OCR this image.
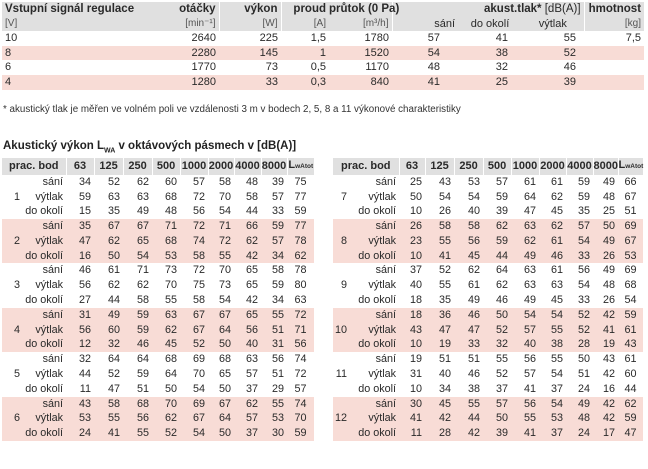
Vstupní signál regulace	otáčky	výkon	proud	průtok (0 Pa)	akust.tlak* [dB(A)]			hmotnost
[V]	[min⁻¹]	[W]	[A]	[m³/h]	sání	do okolí	výtlak	[kg]
10	2640	225	1,5	1780	57	41	55	7,5
8	2280	145	1	1520	54	38	52	
6	1770	73	0,5	1170	48	32	46	
4	1280	33	0,3	840	41	25	39	
* akustický tlak je měřen ve volném poli ve vzdálenosti 3 m v bodech 2, 5, 8 a 11 výkonové charakteristiky
Akustický výkon $L_{WA}$ v oktávových pásmech v [dB(A)]
prac. bod		63	125	250	500	1000	2000	4000	8000	LwAtot
	sání	34	52	62	60	57	58	48	39	75
1	výtlak	59	63	63	68	72	70	58	57	77
	do okolí	15	35	49	48	56	54	44	33	59
	sání	35	67	67	71	72	71	66	59	77
2	výtlak	47	62	65	68	74	72	62	57	78
	do okolí	16	50	54	53	58	55	42	34	62
	sání	46	61	71	73	72	70	65	58	78
3	výtlak	56	62	62	70	75	73	65	59	80
	do okolí	27	44	58	55	58	54	42	34	63
	sání	31	49	59	63	67	67	65	55	72
4	výtlak	56	60	59	62	67	64	56	51	71
	do okolí	12	32	46	45	52	50	40	31	56
	sání	32	64	64	68	69	68	63	56	74
5	výtlak	44	52	59	64	70	65	57	51	72
	do okolí	11	47	51	50	54	50	37	29	57
	sání	43	58	68	70	69	67	62	55	74
6	výtlak	53	55	56	62	67	64	57	53	70
	do okolí	24	41	55	52	54	50	37	30	59
prac. bod		63	125	250	500	1000	2000	4000	8000	LwAtot
	sání	25	43	53	57	61	61	59	49	66
7	výtlak	50	54	54	59	64	62	59	48	67
	do okolí	10	26	40	39	47	45	35	25	51
	sání	26	58	58	62	63	62	57	50	69
8	výtlak	23	55	56	59	62	61	54	49	67
	do okolí	10	41	45	44	49	46	33	26	53
	sání	37	52	62	64	63	61	56	49	69
9	výtlak	40	55	61	62	63	63	54	48	68
	do okolí	18	35	49	46	49	45	33	26	54
	sání	18	36	46	50	54	54	52	42	59
10	výtlak	43	47	47	52	57	55	52	41	61
	do okolí	10	19	33	32	40	38	28	19	43
	sání	19	51	51	55	56	55	50	43	61
11	výtlak	31	40	46	52	57	54	51	42	60
	do okolí	10	34	38	37	41	37	24	16	44
	sání	30	45	55	57	56	54	49	42	62
12	výtlak	41	42	44	50	55	53	48	42	59
	do okolí	11	28	42	39	41	37	24	17	47
